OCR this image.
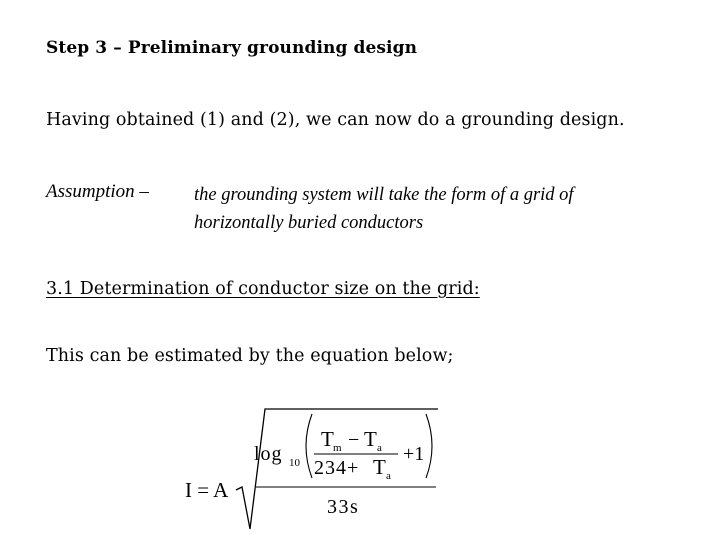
Step 3 – Preliminary grounding design
Having obtained (1) and (2), we can now do a grounding design.
Assumption – the grounding system will take the form of a grid of
horizontally buried conductors
3.1 Determination of conductor size on the grid:
This can be estimated by the equation below;
I = A
log 10
T m − T a
234+ T a
+1
33s
